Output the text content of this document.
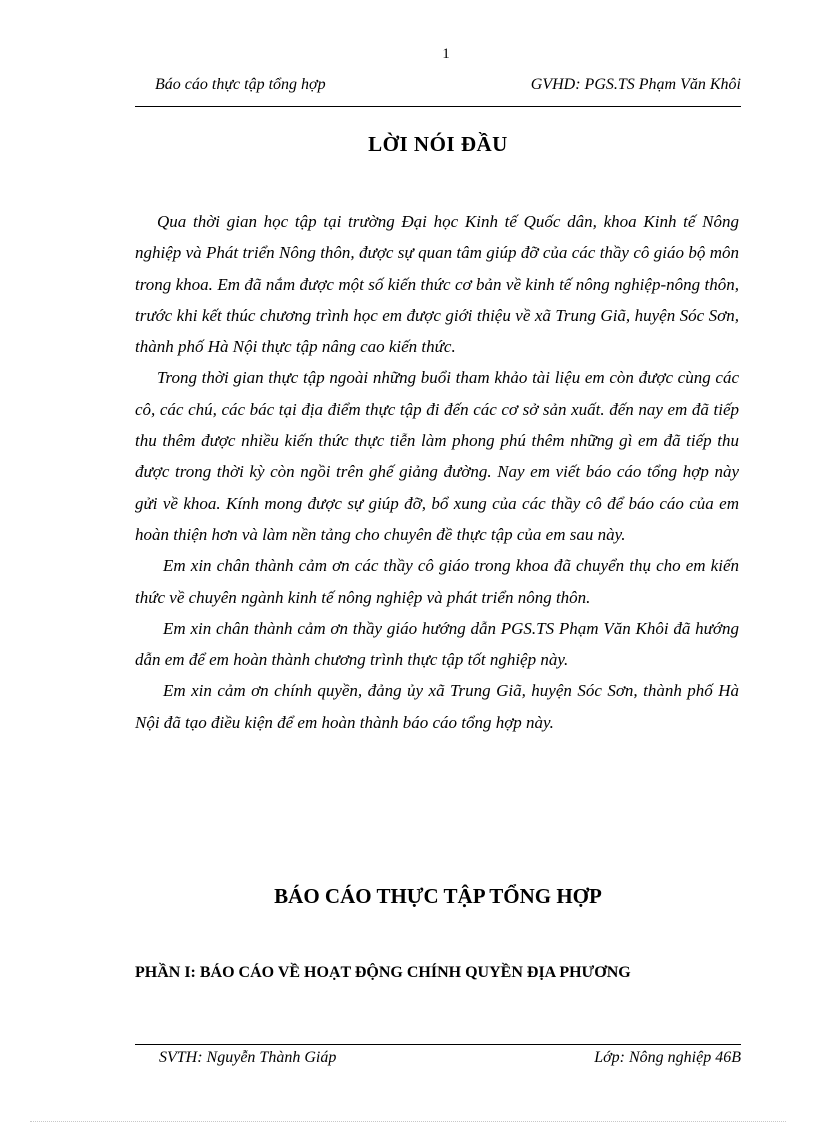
1
Báo cáo thực tập tổng hợp	GVHD: PGS.TS Phạm Văn Khôi
LỜI NÓI ĐẦU

Qua thời gian học tập tại trường Đại học Kinh tế Quốc dân, khoa Kinh tế Nông nghiệp và Phát triển Nông thôn, được sự quan tâm giúp đỡ của các thầy cô giáo bộ môn trong khoa. Em đã nắm được một số kiến thức cơ bản về kinh tế nông nghiệp-nông thôn, trước khi kết thúc chương trình học em được giới thiệu về xã Trung Giã, huyện Sóc Sơn, thành phố Hà Nội thực tập nâng cao kiến thức.

Trong thời gian thực tập ngoài những buổi tham khảo tài liệu em còn được cùng các cô, các chú, các bác tại địa điểm thực tập đi đến các cơ sở sản xuất. đến nay em đã tiếp thu thêm được nhiều kiến thức thực tiễn làm phong phú thêm những gì em đã tiếp thu được trong thời kỳ còn ngồi trên ghế giảng đường. Nay em viết báo cáo tổng hợp này gửi về khoa. Kính mong được sự giúp đỡ, bổ xung của các thầy cô để báo cáo của em hoàn thiện hơn và làm nền tảng cho chuyên đề thực tập của em sau này.

Em xin chân thành cảm ơn các thầy cô giáo trong khoa đã chuyển thụ cho em kiến thức về chuyên ngành kinh tế nông nghiệp và phát triển nông thôn.

Em xin chân thành cảm ơn thầy giáo hướng dẫn PGS.TS Phạm Văn Khôi đã hướng dẫn em để em hoàn thành chương trình thực tập tốt nghiệp này.

Em xin cảm ơn chính quyền, đảng ủy xã Trung Giã, huyện Sóc Sơn, thành phố Hà Nội đã tạo điều kiện để em hoàn thành báo cáo tổng hợp này.

BÁO CÁO THỰC TẬP TỔNG HỢP
PHẦN I: BÁO CÁO VỀ HOẠT ĐỘNG CHÍNH QUYỀN ĐỊA PHƯƠNG
SVTH: Nguyễn Thành Giáp	Lớp: Nông nghiệp 46B
